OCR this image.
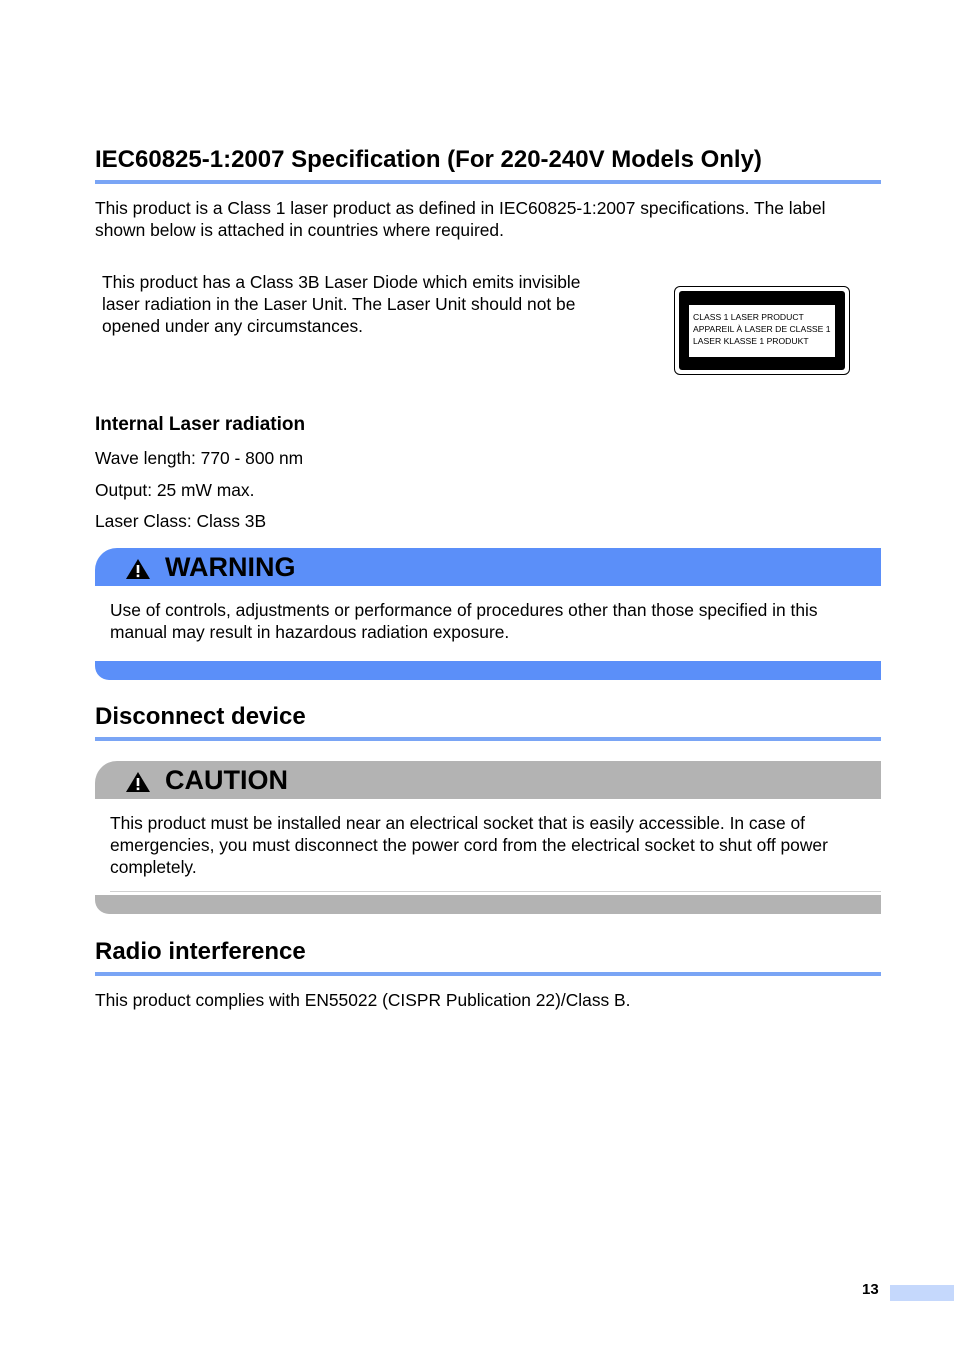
IEC60825-1:2007 Specification (For 220-240V Models Only)

This product is a Class 1 laser product as defined in IEC60825-1:2007 specifications. The label

shown below is attached in countries where required.

This product has a Class 3B Laser Diode which emits invisible

laser radiation in the Laser Unit. The Laser Unit should not be

opened under any circumstances.	CLASS 1 LASER PRODUCT
APPAREIL À LASER DE CLASSE 1
LASER KLASSE 1 PRODUKT

Internal Laser radiation

Wave length: 770 - 800 nm

Output: 25 mW max.

Laser Class: Class 3B

WARNING

Use of controls, adjustments or performance of procedures other than those specified in this

manual may result in hazardous radiation exposure.

Disconnect device
CAUTION

This product must be installed near an electrical socket that is easily accessible. In case of

emergencies, you must disconnect the power cord from the electrical socket to shut off power

completely.

Radio interference

This product complies with EN55022 (CISPR Publication 22)/Class B.

13
